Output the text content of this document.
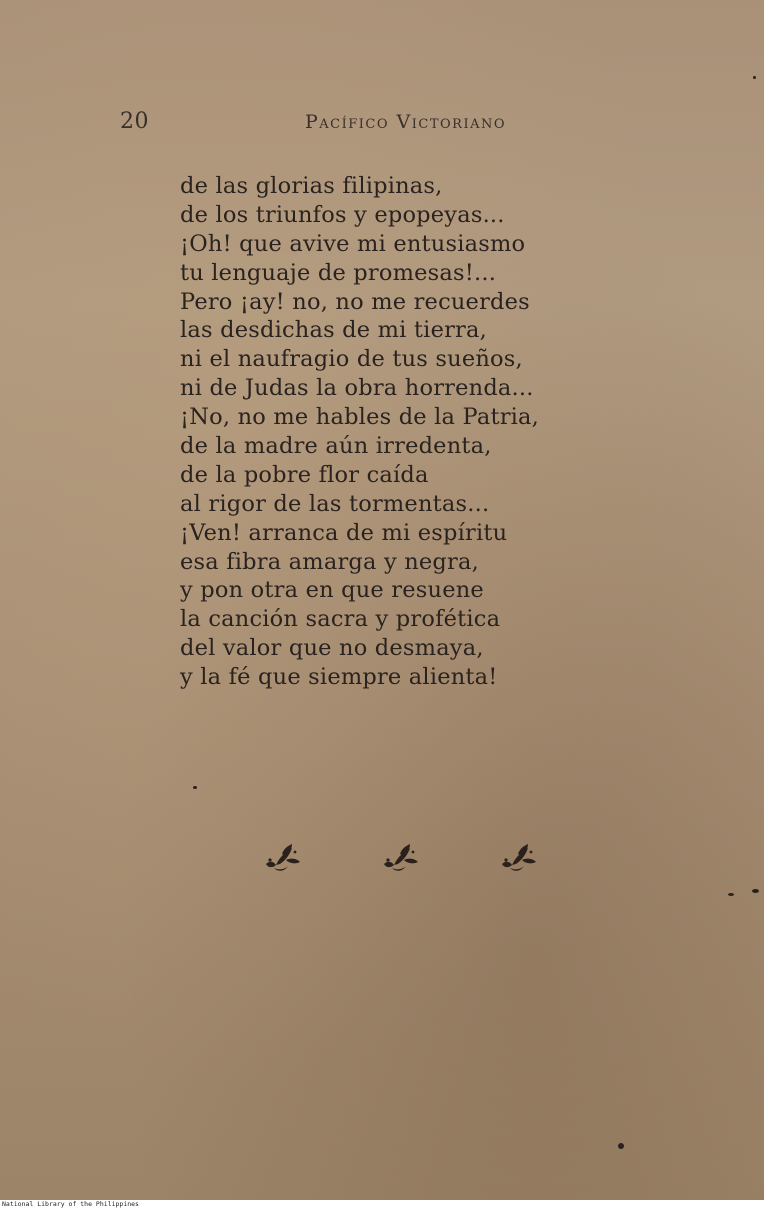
20	Pacífico Victoriano
de las glorias filipinas,
de los triunfos y epopeyas...
¡Oh! que avive mi entusiasmo
tu lenguaje de promesas!...
Pero ¡ay! no, no me recuerdes
las desdichas de mi tierra,
ni el naufragio de tus sueños,
ni de Judas la obra horrenda...
¡No, no me hables de la Patria,
de la madre aún irredenta,
de la pobre flor caída
al rigor de las tormentas...
¡Ven! arranca de mi espíritu
esa fibra amarga y negra,
y pon otra en que resuene
la canción sacra y profética
del valor que no desmaya,
y la fé que siempre alienta!
National Library of the Philippines
